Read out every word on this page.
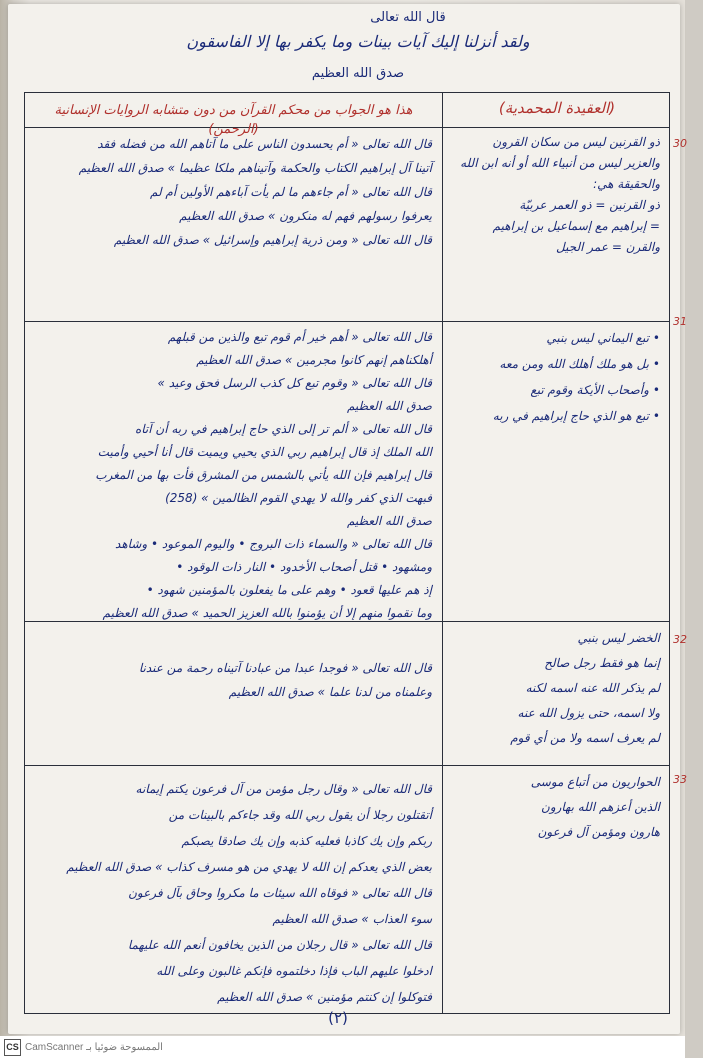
قال الله تعالى
ولقد أنزلنا إليك آيات بينات وما يكفر بها إلا الفاسقون
صدق الله العظيم
هذا هو الجواب من محكم القرآن من دون متشابه الروايات الإنسانية (الرحمن)
(العقيدة المحمدية)
30

ذو القرنين ليس من سكان القرون

والعزير ليس من أنبياء الله أو أنه ابن الله

والحقيقة هي:

ذو القرنين = ذو العمر عربيّة

= إبراهيم مع إسماعيل بن إبراهيم

والقرن = عمر الجيل

قال الله تعالى « أم يحسدون الناس على ما آتاهم الله من فضله فقد

آتينا آل إبراهيم الكتاب والحكمة وآتيناهم ملكا عظيما » صدق الله العظيم

قال الله تعالى « أم جاءهم ما لم يأت آباءهم الأولين أم لم

يعرفوا رسولهم فهم له منكرون » صدق الله العظيم

قال الله تعالى « ومن ذرية إبراهيم وإسرائيل » صدق الله العظيم

31
• تبع اليماني ليس بنبي
• بل هو ملك أهلك الله ومن معه
• وأصحاب الأيكة وقوم تبع
• تبع هو الذي حاج إبراهيم في ربه

قال الله تعالى « أهم خير أم قوم تبع والذين من قبلهم

أهلكناهم إنهم كانوا مجرمين » صدق الله العظيم

قال الله تعالى « وقوم تبع كل كذب الرسل فحق وعيد »

صدق الله العظيم

قال الله تعالى « ألم تر إلى الذي حاج إبراهيم في ربه أن آتاه

الله الملك إذ قال إبراهيم ربي الذي يحيي ويميت قال أنا أحيي وأميت

قال إبراهيم فإن الله يأتي بالشمس من المشرق فأت بها من المغرب

فبهت الذي كفر والله لا يهدي القوم الظالمين » (258)

صدق الله العظيم

قال الله تعالى « والسماء ذات البروج • واليوم الموعود • وشاهد

ومشهود • قتل أصحاب الأخدود • النار ذات الوقود •

إذ هم عليها قعود • وهم على ما يفعلون بالمؤمنين شهود •

وما نقموا منهم إلا أن يؤمنوا بالله العزيز الحميد » صدق الله العظيم

32

الخضر ليس بنبي

إنما هو فقط رجل صالح

لم يذكر الله عنه اسمه لكنه

ولا اسمه، حتى يزول الله عنه

لم يعرف اسمه ولا من أي قوم

قال الله تعالى « فوجدا عبدا من عبادنا آتيناه رحمة من عندنا

وعلمناه من لدنا علما » صدق الله العظيم

33

الحواريون من أتباع موسى

الذين أعزهم الله بهارون

هارون ومؤمن آل فرعون

قال الله تعالى « وقال رجل مؤمن من آل فرعون يكتم إيمانه

أتقتلون رجلا أن يقول ربي الله وقد جاءكم بالبينات من

ربكم وإن يك كاذبا فعليه كذبه وإن يك صادقا يصبكم

بعض الذي يعدكم إن الله لا يهدي من هو مسرف كذاب » صدق الله العظيم

قال الله تعالى « فوقاه الله سيئات ما مكروا وحاق بآل فرعون

سوء العذاب » صدق الله العظيم

قال الله تعالى « قال رجلان من الذين يخافون أنعم الله عليهما

ادخلوا عليهم الباب فإذا دخلتموه فإنكم غالبون وعلى الله

فتوكلوا إن كنتم مؤمنين » صدق الله العظيم

(٢)
CS الممسوحة ضوئيا بـ CamScanner
